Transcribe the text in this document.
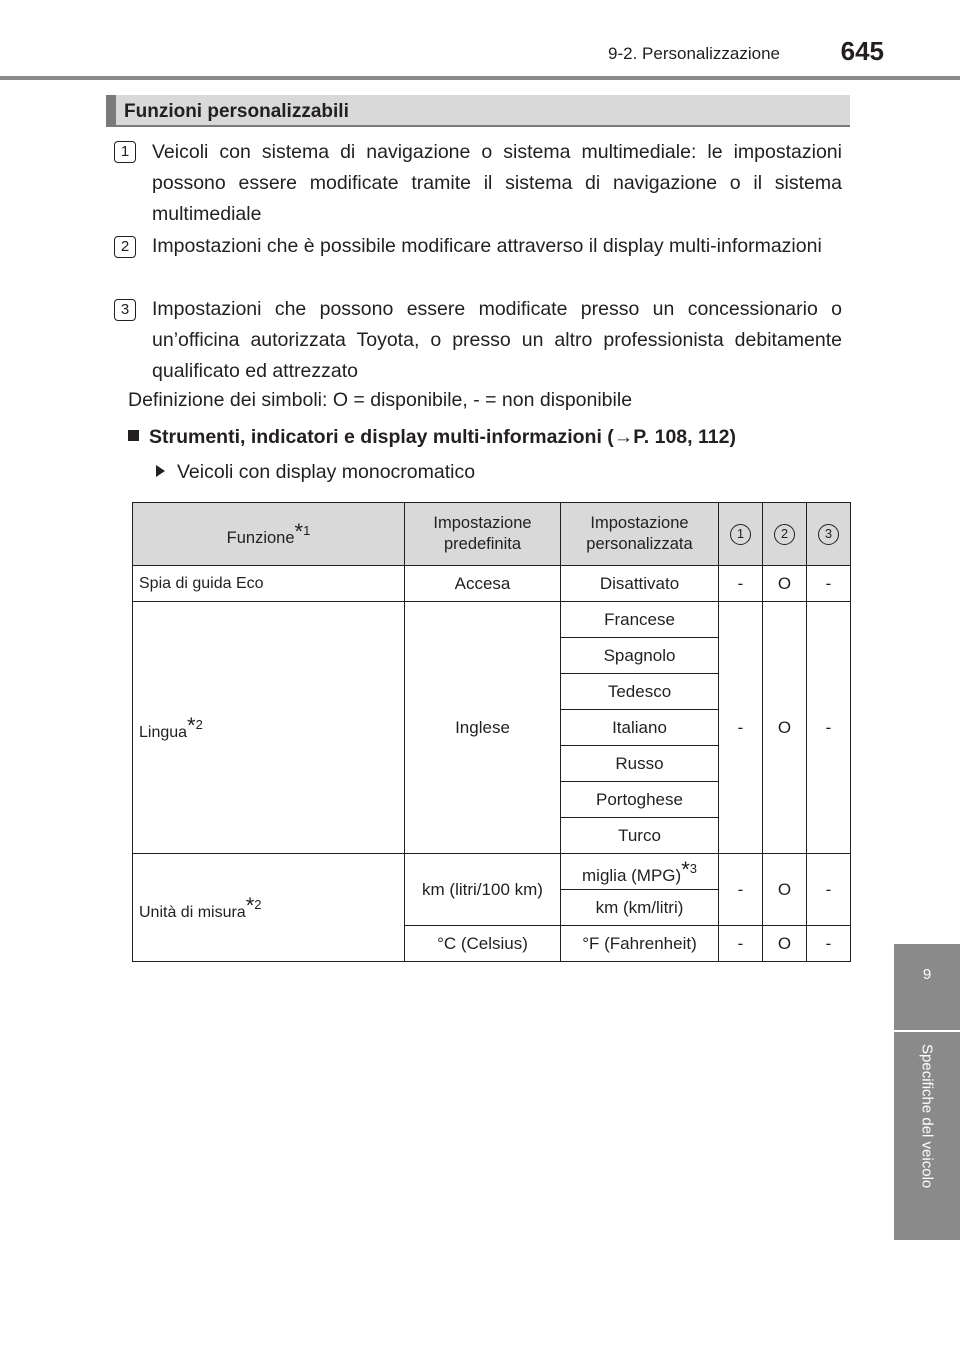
9-2. Personalizzazione 645
9
Specifiche del veicolo
Funzioni personalizzabili
1	Veicoli con sistema di navigazione o sistema multimediale: le impostazioni possono essere modificate tramite il sistema di navigazione o il sistema multimediale
2	Impostazioni che è possibile modificare attraverso il display multi-informazioni
3	Impostazioni che possono essere modificate presso un concessionario o un’officina autorizzata Toyota, o presso un altro professionista debitamente qualificato ed attrezzato
Definizione dei simboli: O = disponibile, - = non disponibile
Strumenti, indicatori e display multi-informazioni (→P. 108, 112)
Veicoli con display monocromatico
Funzione*$^1$	Impostazione predefinita	Impostazione personalizzata	1	2	3
Spia di guida Eco	Accesa	Disattivato	-	O	-
Lingua*$^2$	Inglese	Francese	-	O	-
		Spagnolo			
		Tedesco			
		Italiano			
		Russo			
		Portoghese			
		Turco			
Unità di misura*$^2$	km (litri/100 km)	miglia (MPG)*$^3$	-	O	-
		km (km/litri)			
	°C (Celsius)	°F (Fahrenheit)	-	O	-
